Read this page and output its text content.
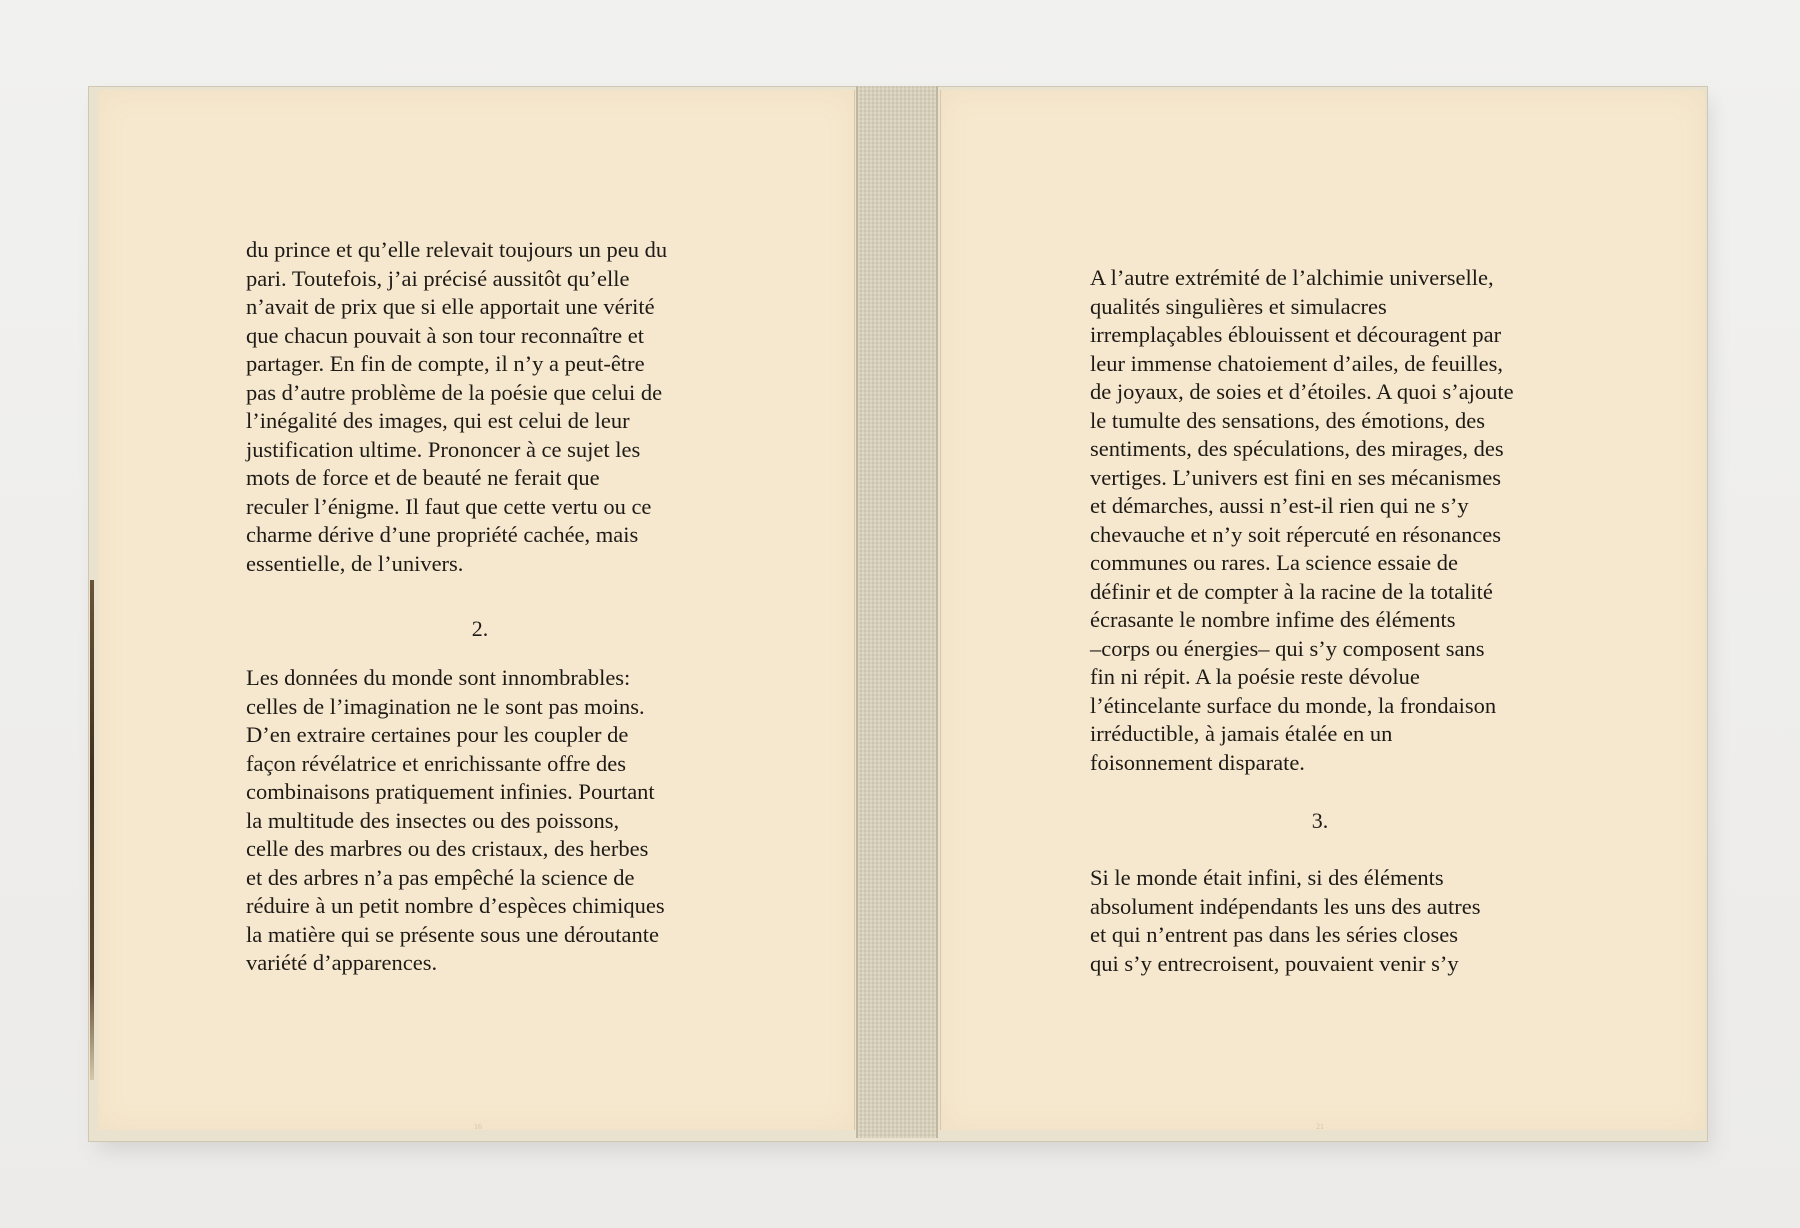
du prince et qu’elle relevait toujours un peu du

pari. Toutefois, j’ai précisé aussitôt qu’elle

n’avait de prix que si elle apportait une vérité

que chacun pouvait à son tour reconnaître et

partager. En fin de compte, il n’y a peut-être

pas d’autre problème de la poésie que celui de

l’inégalité des images, qui est celui de leur

justification ultime. Prononcer à ce sujet les

mots de force et de beauté ne ferait que

reculer l’énigme. Il faut que cette vertu ou ce

charme dérive d’une propriété cachée, mais

essentielle, de l’univers.

2.

Les données du monde sont innombrables:

celles de l’imagination ne le sont pas moins.

D’en extraire certaines pour les coupler de

façon révélatrice et enrichissante offre des

combinaisons pratiquement infinies. Pourtant

la multitude des insectes ou des poissons,

celle des marbres ou des cristaux, des herbes

et des arbres n’a pas empêché la science de

réduire à un petit nombre d’espèces chimiques

la matière qui se présente sous une déroutante

variété d’apparences.

16

A l’autre extrémité de l’alchimie universelle,

qualités singulières et simulacres

irremplaçables éblouissent et découragent par

leur immense chatoiement d’ailes, de feuilles,

de joyaux, de soies et d’étoiles. A quoi s’ajoute

le tumulte des sensations, des émotions, des

sentiments, des spéculations, des mirages, des

vertiges. L’univers est fini en ses mécanismes

et démarches, aussi n’est-il rien qui ne s’y

chevauche et n’y soit répercuté en résonances

communes ou rares. La science essaie de

définir et de compter à la racine de la totalité

écrasante le nombre infime des éléments

–corps ou énergies– qui s’y composent sans

fin ni répit. A la poésie reste dévolue

l’étincelante surface du monde, la frondaison

irréductible, à jamais étalée en un

foisonnement disparate.

3.

Si le monde était infini, si des éléments

absolument indépendants les uns des autres

et qui n’entrent pas dans les séries closes

qui s’y entrecroisent, pouvaient venir s’y

21
